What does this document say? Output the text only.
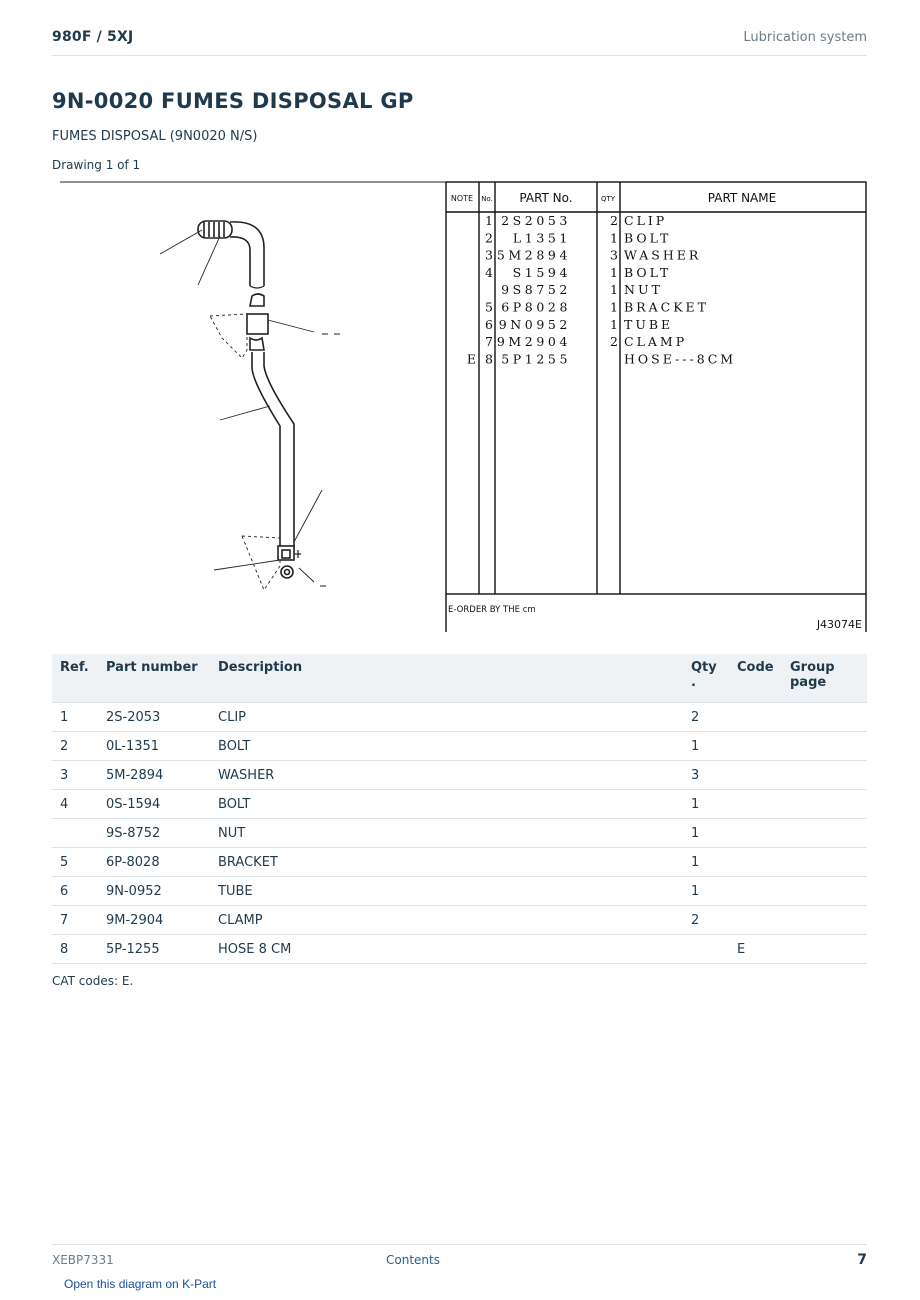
980F / 5XJ	Lubrication system
9N-0020 FUMES DISPOSAL GP
FUMES DISPOSAL (9N0020 N/S)
Drawing 1 of 1
NOTE No. PART No.	QTY	PART NAME
1 2S2053	2 CLIP
2 L1351	1 BOLT
3 5M2894	3 WASHER
4 S1594	1 BOLT
9S8752	1 NUT
5 6P8028	1 BRACKET
6 9N0952	1 TUBE
7 9M2904	2 CLAMP
E 8 5P1255	HOSE---8CM
E-ORDER BY THE cm
J43074E
Ref.	Part number	Description	Qty
.	Code	Group
page
1	2S-2053	CLIP	2		
2	0L-1351	BOLT	1		
3	5M-2894	WASHER	3		
4	0S-1594	BOLT	1		
	9S-8752	NUT	1		
5	6P-8028	BRACKET	1		
6	9N-0952	TUBE	1		
7	9M-2904	CLAMP	2		
8	5P-1255	HOSE 8 CM		E	
CAT codes: E.
XEBP7331	Contents	7
Open this diagram on K-Part
